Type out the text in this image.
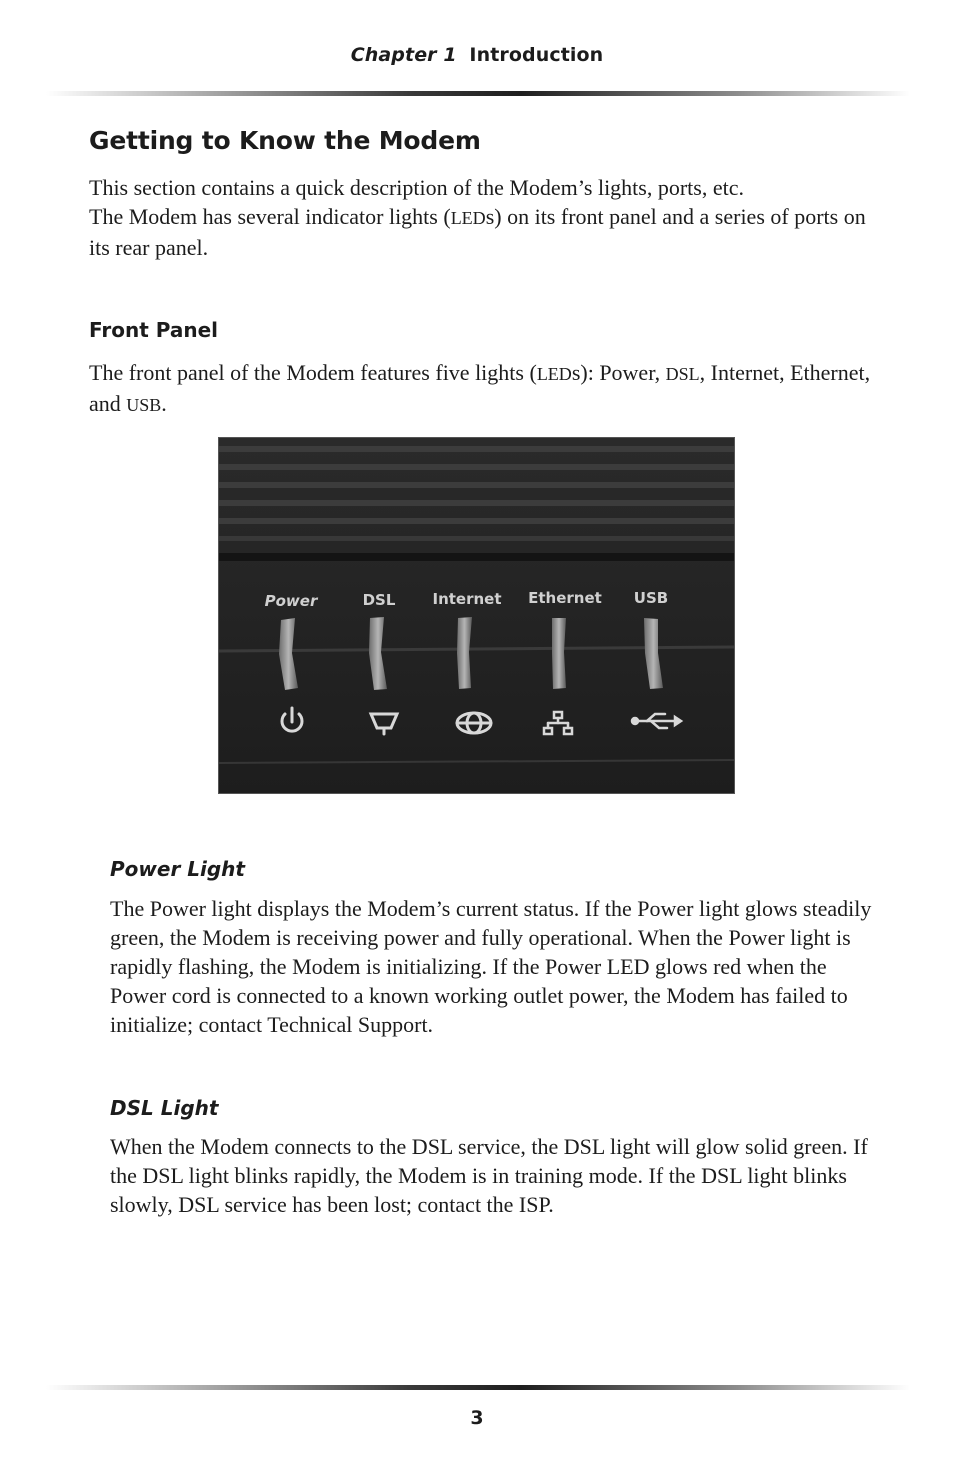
Chapter 1 Introduction
Getting to Know the Modem

This section contains a quick description of the Modem’s lights, ports, etc.
The Modem has several indicator lights (LEDs) on its front panel and a series of ports on its rear panel.

Front Panel

The front panel of the Modem features five lights (LEDs): Power, DSL, Internet, Ethernet, and USB.

Power	DSL Internet Ethernet USB
Power Light

The Power light displays the Modem’s current status. If the Power light glows steadily green, the Modem is receiving power and fully operational. When the Power light is rapidly flashing, the Modem is initializing. If the Power LED glows red when the Power cord is connected to a known working outlet power, the Modem has failed to initialize; contact Technical Support.

DSL Light

When the Modem connects to the DSL service, the DSL light will glow solid green. If the DSL light blinks rapidly, the Modem is in training mode. If the DSL light blinks slowly, DSL service has been lost; contact the ISP.

3
